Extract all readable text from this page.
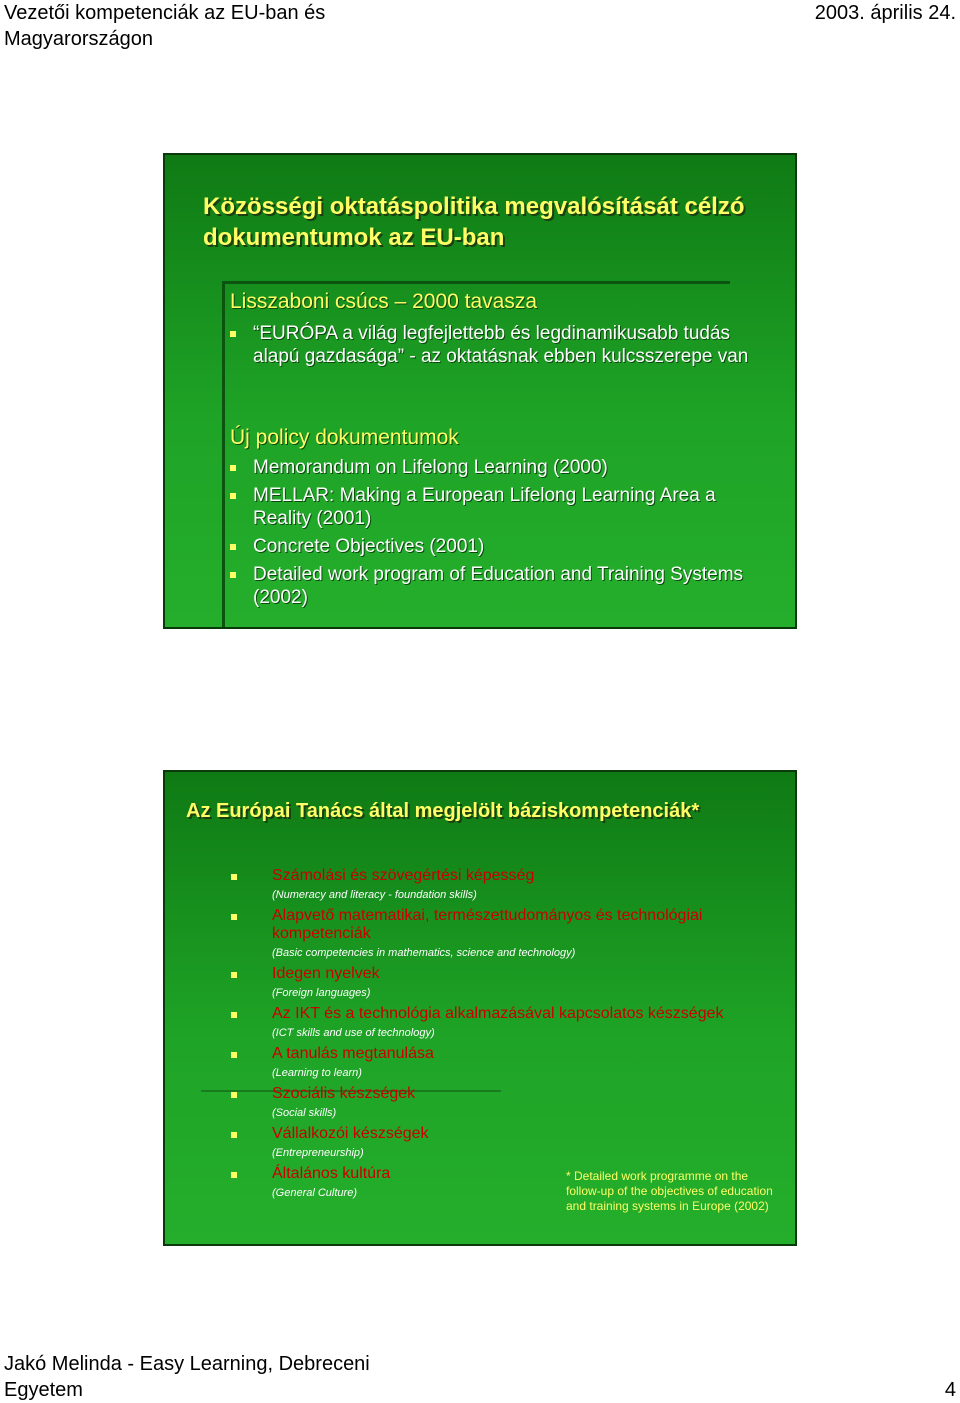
Vezetői kompetenciák az EU-ban és Magyarországon
2003. április 24.
Közösségi oktatáspolitika megvalósítását célzó dokumentumok az EU-ban
Lisszaboni csúcs – 2000 tavasza
“EURÓPA a világ legfejlettebb és legdinamikusabb tudás alapú gazdasága” - az oktatásnak ebben kulcsszerepe van
Új policy dokumentumok
Memorandum on Lifelong Learning (2000)
MELLAR: Making a European Lifelong Learning Area a Reality (2001)
Concrete Objectives (2001)
Detailed work program of Education and Training Systems (2002)
Az Európai Tanács által megjelölt báziskompetenciák*
Számolási és szövegértési képesség
(Numeracy and literacy - foundation skills)
Alapvető matematikai, természettudományos és technológiai kompetenciák
(Basic competencies in mathematics, science and technology)
Idegen nyelvek
(Foreign languages)
Az IKT és a technológia alkalmazásával kapcsolatos készségek
(ICT skills and use of technology)
A tanulás megtanulása
(Learning to learn)
Szociális készségek
(Social skills)
Vállalkozói készségek
(Entrepreneurship)
Általános kultúra
(General Culture)
* Detailed work programme on the follow-up of the objectives of education and training systems in Europe (2002)
Jakó Melinda - Easy Learning, Debreceni Egyetem	4
